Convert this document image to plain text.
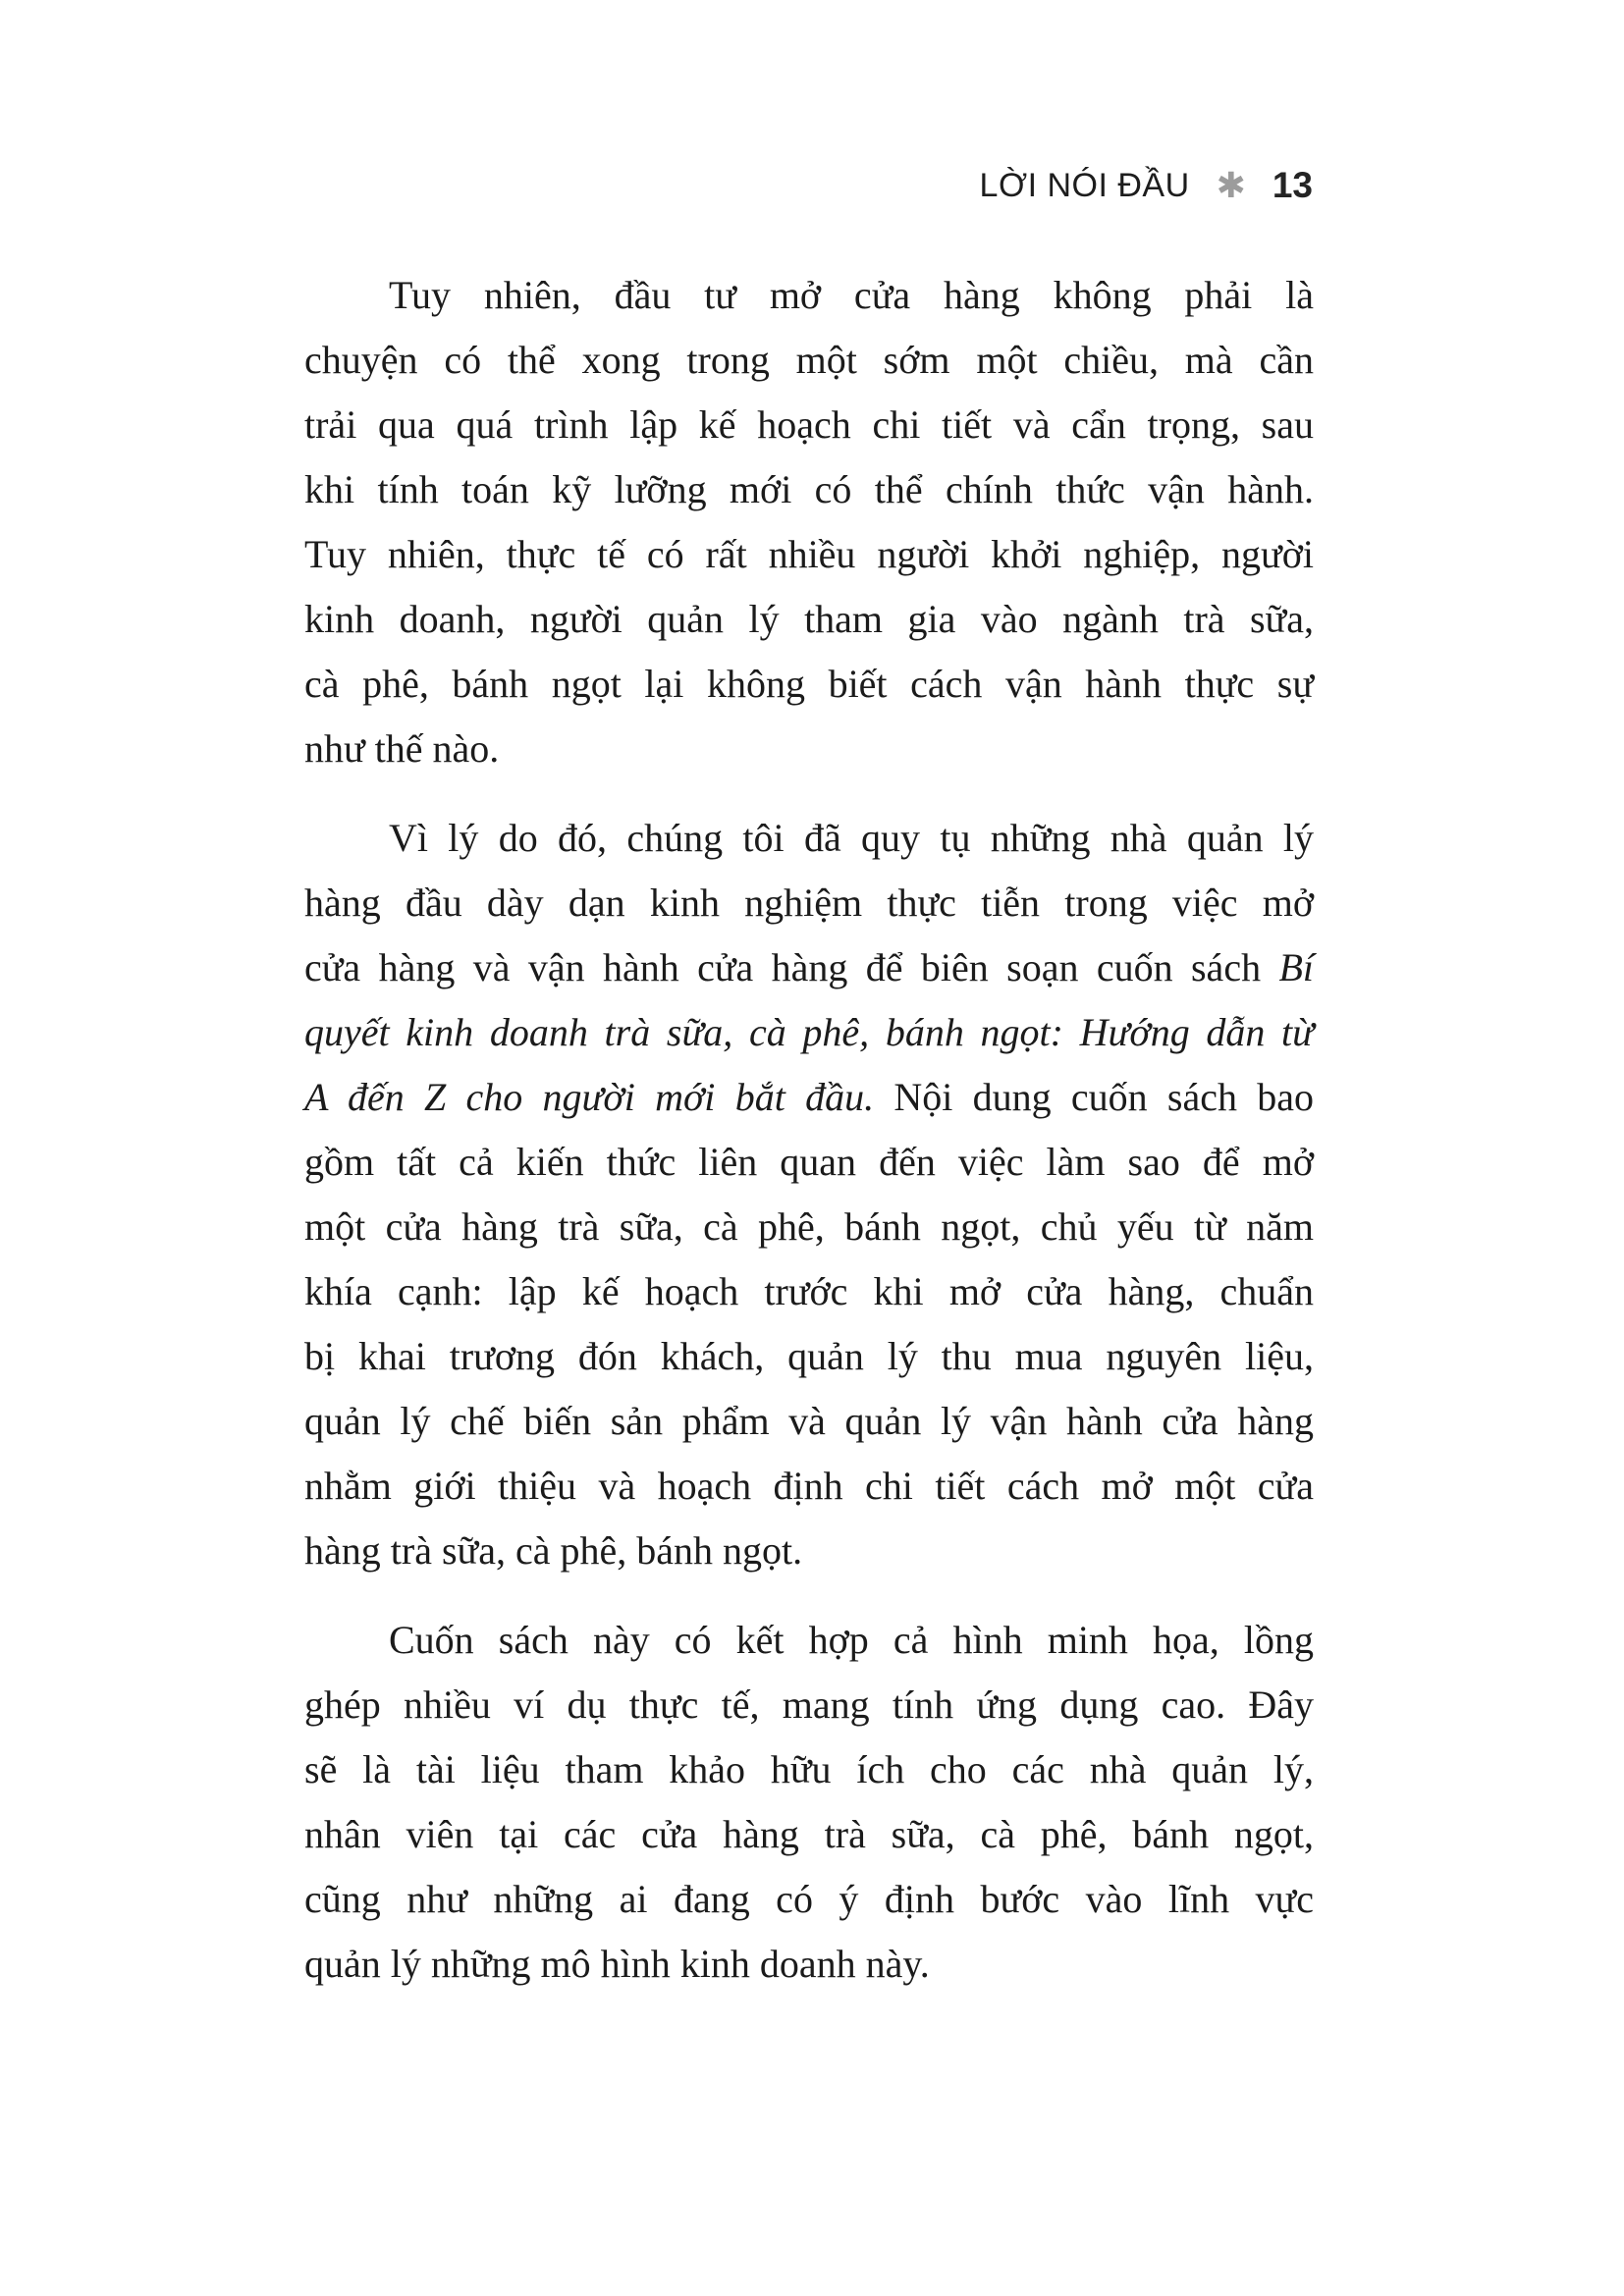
LỜI NÓI ĐẦU ✱ 13
Tuy nhiên, đầu tư mở cửa hàng không phải là
chuyện có thể xong trong một sớm một chiều, mà cần
trải qua quá trình lập kế hoạch chi tiết và cẩn trọng, sau
khi tính toán kỹ lưỡng mới có thể chính thức vận hành.
Tuy nhiên, thực tế có rất nhiều người khởi nghiệp, người
kinh doanh, người quản lý tham gia vào ngành trà sữa,
cà phê, bánh ngọt lại không biết cách vận hành thực sự
như thế nào.
Vì lý do đó, chúng tôi đã quy tụ những nhà quản lý
hàng đầu dày dạn kinh nghiệm thực tiễn trong việc mở
cửa hàng và vận hành cửa hàng để biên soạn cuốn sách Bí
quyết kinh doanh trà sữa, cà phê, bánh ngọt: Hướng dẫn từ
A đến Z cho người mới bắt đầu. Nội dung cuốn sách bao
gồm tất cả kiến thức liên quan đến việc làm sao để mở
một cửa hàng trà sữa, cà phê, bánh ngọt, chủ yếu từ năm
khía cạnh: lập kế hoạch trước khi mở cửa hàng, chuẩn
bị khai trương đón khách, quản lý thu mua nguyên liệu,
quản lý chế biến sản phẩm và quản lý vận hành cửa hàng
nhằm giới thiệu và hoạch định chi tiết cách mở một cửa
hàng trà sữa, cà phê, bánh ngọt.
Cuốn sách này có kết hợp cả hình minh họa, lồng
ghép nhiều ví dụ thực tế, mang tính ứng dụng cao. Đây
sẽ là tài liệu tham khảo hữu ích cho các nhà quản lý,
nhân viên tại các cửa hàng trà sữa, cà phê, bánh ngọt,
cũng như những ai đang có ý định bước vào lĩnh vực
quản lý những mô hình kinh doanh này.
